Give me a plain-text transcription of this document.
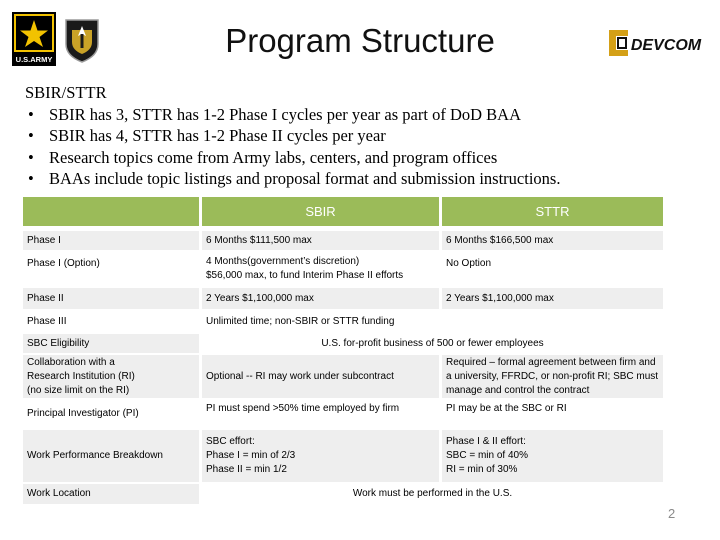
U.S.ARMY
Program Structure	DEVCOM
SBIR/STTR
• SBIR has 3, STTR has 1-2 Phase I cycles per year as part of DoD BAA
• SBIR has 4, STTR has 1-2 Phase II cycles per year
• Research topics come from Army labs, centers, and program offices
• BAAs include topic listings and proposal format and submission instructions.
	SBIR	STTR
Phase I	6 Months $111,500 max	6 Months $166,500 max
Phase I (Option)	4 Months(government’s discretion)
$56,000 max, to fund Interim Phase II efforts	No Option
Phase II	2 Years $1,100,000 max	2 Years $1,100,000 max
Phase III	Unlimited time; non-SBIR or STTR funding	
SBC Eligibility	U.S. for-profit business of 500 or fewer employees	
Collaboration with a
Research Institution (RI)
(no size limit on the RI)	Optional -- RI may work under subcontract	Required – formal agreement between firm and a university, FFRDC, or non-profit RI; SBC must manage and control the contract
Principal Investigator (PI)	PI must spend >50% time employed by firm	PI may be at the SBC or RI
Work Performance Breakdown	SBC effort:
Phase I = min of 2/3
Phase II = min 1/2	Phase I & II effort:
SBC = min of 40%
RI = min of 30%
Work Location	Work must be performed in the U.S.	
2
